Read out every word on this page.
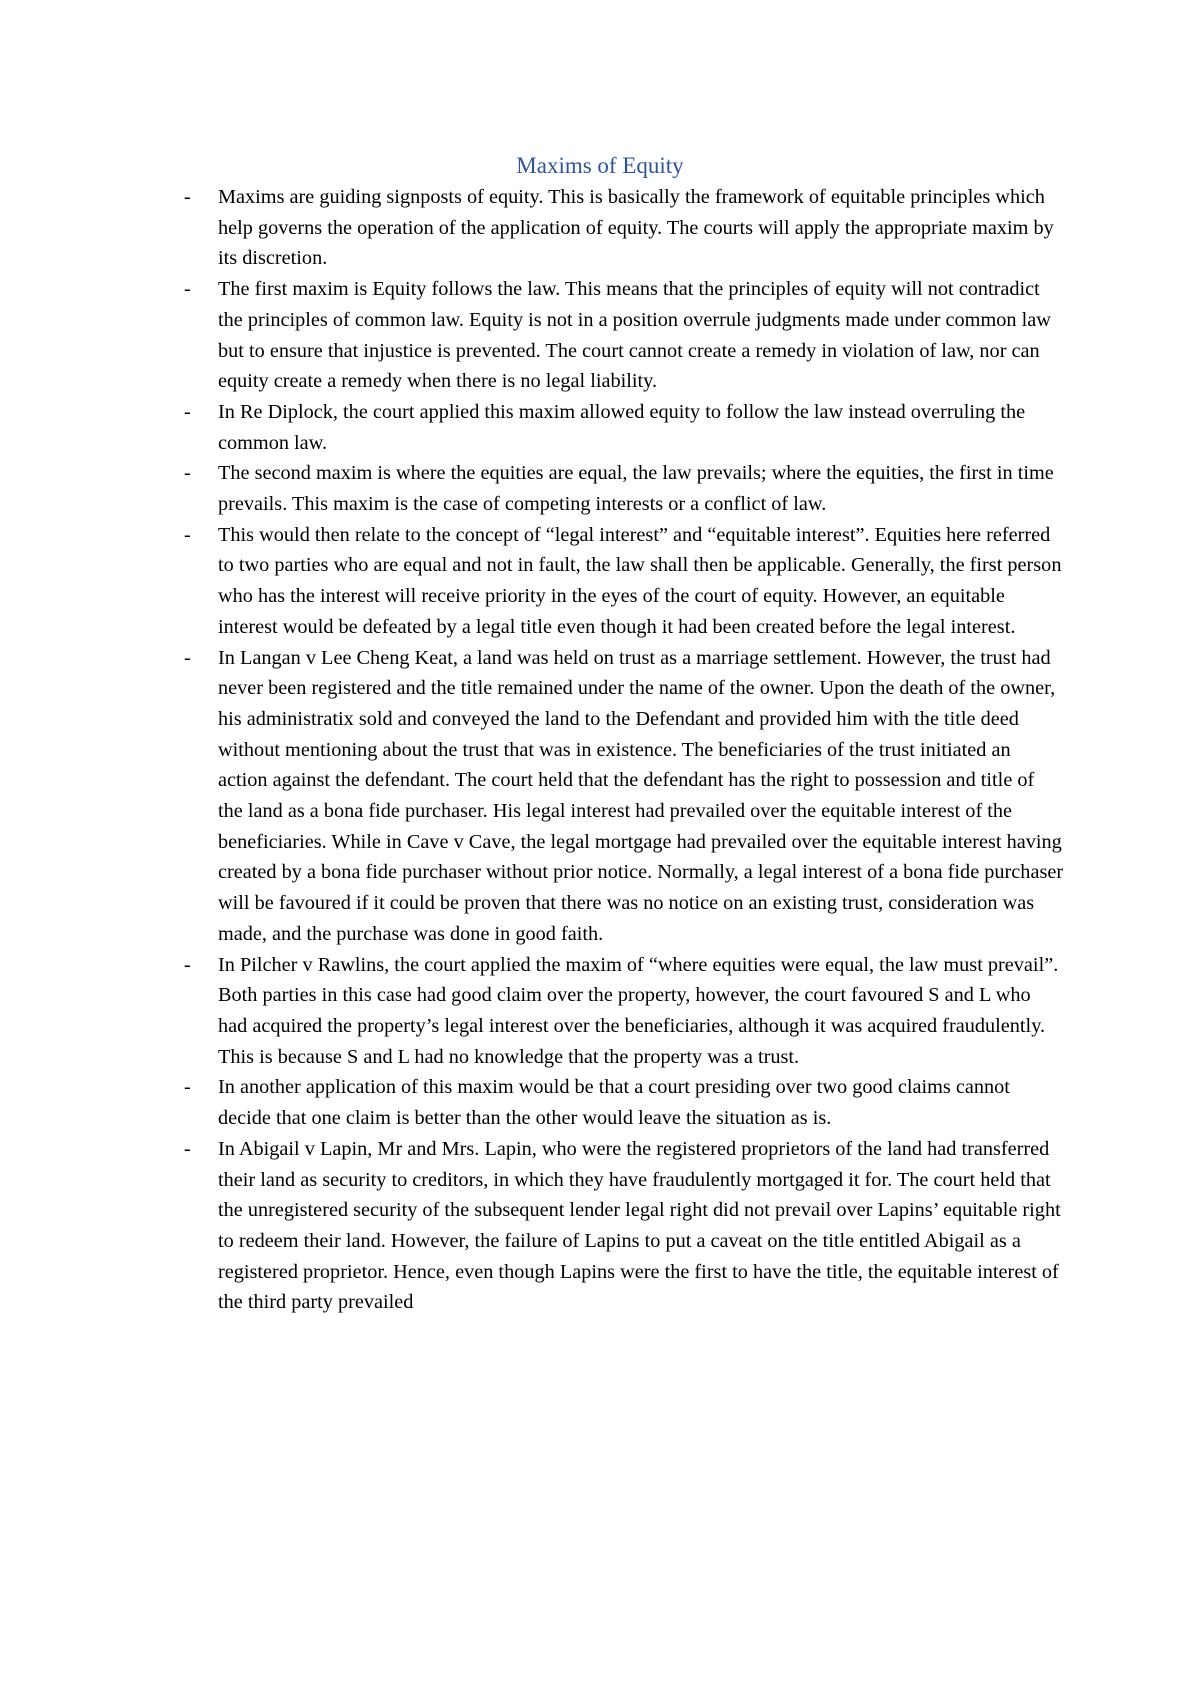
Maxims of Equity
- Maxims are guiding signposts of equity. This is basically the framework of equitable principles which help governs the operation of the application of equity. The courts will apply the appropriate maxim by its discretion.
- The first maxim is Equity follows the law. This means that the principles of equity will not contradict the principles of common law. Equity is not in a position overrule judgments made under common law but to ensure that injustice is prevented. The court cannot create a remedy in violation of law, nor can equity create a remedy when there is no legal liability.
- In Re Diplock, the court applied this maxim allowed equity to follow the law instead overruling the common law.
- The second maxim is where the equities are equal, the law prevails; where the equities, the first in time prevails. This maxim is the case of competing interests or a conflict of law.
- This would then relate to the concept of “legal interest” and “equitable interest”. Equities here referred to two parties who are equal and not in fault, the law shall then be applicable. Generally, the first person who has the interest will receive priority in the eyes of the court of equity. However, an equitable interest would be defeated by a legal title even though it had been created before the legal interest.
- In Langan v Lee Cheng Keat, a land was held on trust as a marriage settlement. However, the trust had never been registered and the title remained under the name of the owner. Upon the death of the owner, his administratix sold and conveyed the land to the Defendant and provided him with the title deed without mentioning about the trust that was in existence. The beneficiaries of the trust initiated an action against the defendant. The court held that the defendant has the right to possession and title of the land as a bona fide purchaser. His legal interest had prevailed over the equitable interest of the beneficiaries. While in Cave v Cave, the legal mortgage had prevailed over the equitable interest having created by a bona fide purchaser without prior notice. Normally, a legal interest of a bona fide purchaser will be favoured if it could be proven that there was no notice on an existing trust, consideration was made, and the purchase was done in good faith.
- In Pilcher v Rawlins, the court applied the maxim of “where equities were equal, the law must prevail”. Both parties in this case had good claim over the property, however, the court favoured S and L who had acquired the property’s legal interest over the beneficiaries, although it was acquired fraudulently. This is because S and L had no knowledge that the property was a trust.
- In another application of this maxim would be that a court presiding over two good claims cannot decide that one claim is better than the other would leave the situation as is.
- In Abigail v Lapin, Mr and Mrs. Lapin, who were the registered proprietors of the land had transferred their land as security to creditors, in which they have fraudulently mortgaged it for. The court held that the unregistered security of the subsequent lender legal right did not prevail over Lapins’ equitable right to redeem their land. However, the failure of Lapins to put a caveat on the title entitled Abigail as a registered proprietor. Hence, even though Lapins were the first to have the title, the equitable interest of the third party prevailed
